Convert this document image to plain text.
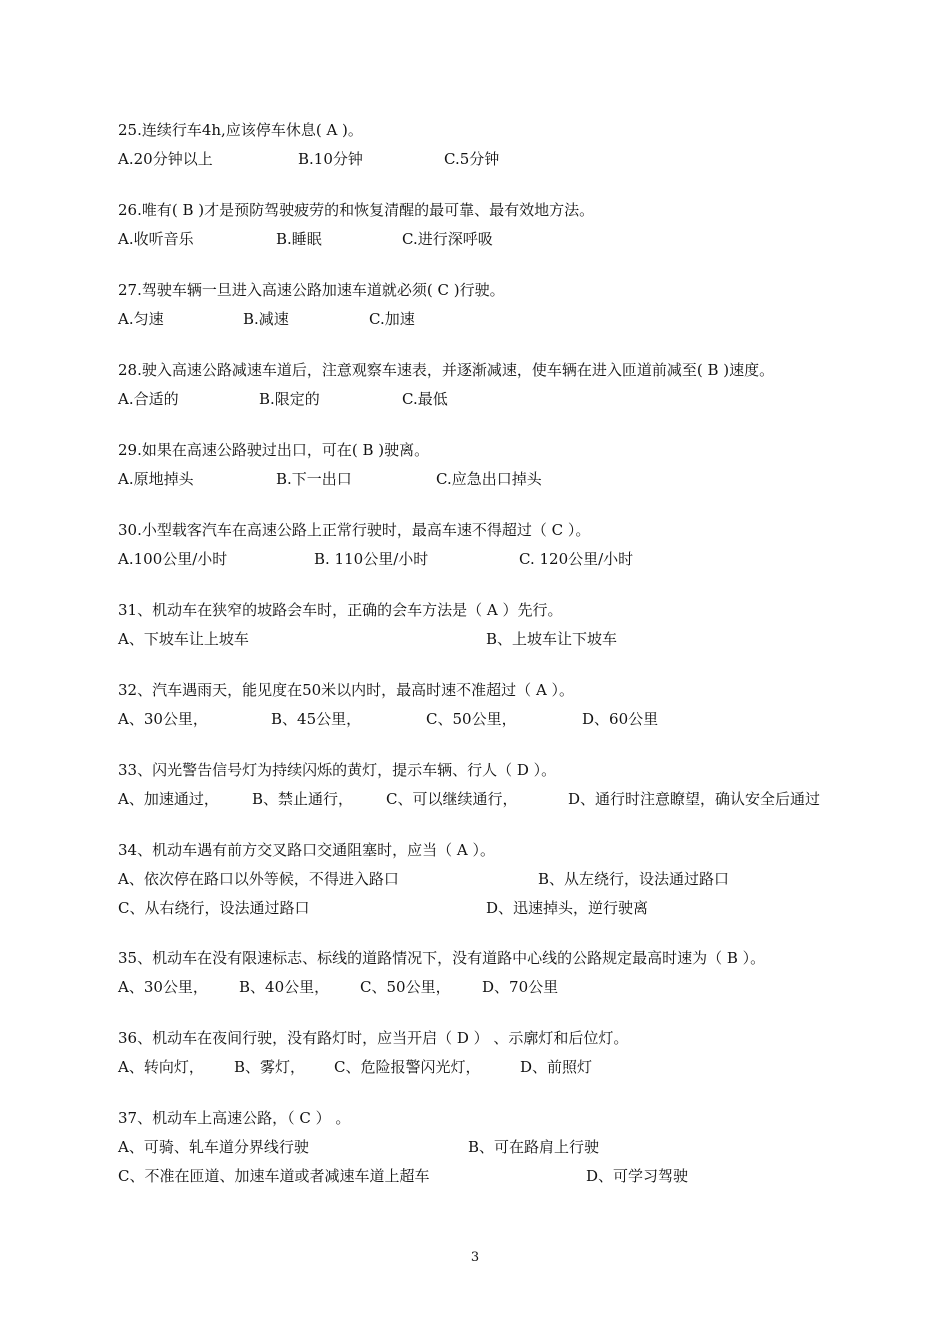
25.连续行车4h,应该停车休息( A )。
A.20分钟以上	B.10分钟	C.5分钟
26.唯有( B )才是预防驾驶疲劳的和恢复清醒的最可靠、最有效地方法。
A.收听音乐	B.睡眠	C.进行深呼吸
27.驾驶车辆一旦进入高速公路加速车道就必须( C )行驶。
A.匀速	B.减速	C.加速
28.驶入高速公路减速车道后，注意观察车速表，并逐渐减速，使车辆在进入匝道前减至( B )速度。
A.合适的	B.限定的	C.最低
29.如果在高速公路驶过出口，可在( B )驶离。
A.原地掉头	B.下一出口	C.应急出口掉头
30.小型载客汽车在高速公路上正常行驶时，最高车速不得超过（ C ）。
A.100公里/小时	B. 110公里/小时	C. 120公里/小时
31、机动车在狭窄的坡路会车时，正确的会车方法是（ A ）先行。
A、下坡车让上坡车	B、上坡车让下坡车
32、汽车遇雨天，能见度在50米以内时，最高时速不准超过（ A ）。
A、30公里，	B、45公里，	C、50公里，	D、60公里
33、闪光警告信号灯为持续闪烁的黄灯，提示车辆、行人（ D ）。
A、加速通过， B、禁止通行， C、可以继续通行，	D、通行时注意瞭望，确认安全后通过
34、机动车遇有前方交叉路口交通阻塞时，应当（ A ）。
A、依次停在路口以外等候，不得进入路口	B、从左绕行，设法通过路口
C、从右绕行，设法通过路口	D、迅速掉头，逆行驶离
35、机动车在没有限速标志、标线的道路情况下，没有道路中心线的公路规定最高时速为（ B ）。
A、30公里， B、40公里， C、50公里， D、70公里
36、机动车在夜间行驶，没有路灯时，应当开启（ D ） 、示廓灯和后位灯。
A、转向灯， B、雾灯， C、危险报警闪光灯，	D、前照灯
37、机动车上高速公路，（ C ） 。
A、可骑、轧车道分界线行驶	B、可在路肩上行驶
C、不准在匝道、加速车道或者减速车道上超车	D、可学习驾驶
3
